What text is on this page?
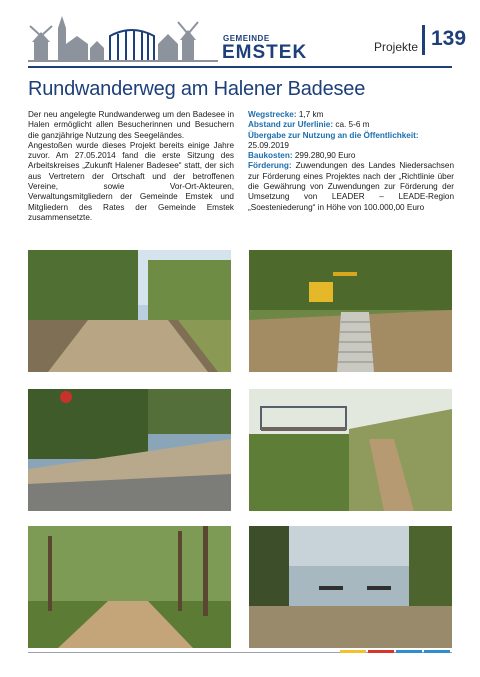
GEMEINDE
EMSTEK	Projekte 139
Rundwanderweg am Halener Badesee

Der neu angelegte Rundwanderweg um den Badesee in Halen ermöglicht allen Besucherinnen und Besuchern die ganzjährige Nutzung des Seegeländes.

Angestoßen wurde dieses Projekt bereits einige Jahre zuvor. Am 27.05.2014 fand die erste Sitzung des Arbeitskreises „Zukunft Halener Badesee“ statt, der sich aus Vertretern der Ortschaft und der betroffenen Vereine, sowie Vor-Ort-Akteuren, Verwaltungsmitgliedern der Gemeinde Emstek und Mitgliedern des Rates der Gemeinde Emstek zusammensetzte.

Wegstrecke: 1,7 km

Abstand zur Uferlinie: ca. 5-6 m

Übergabe zur Nutzung an die Öffentlichkeit:

25.09.2019

Baukosten: 299.280,90 Euro

Förderung: Zuwendungen des Landes Niedersachsen zur Förderung eines Projektes nach der „Richtlinie über die Gewährung von Zuwendungen zur Förderung der Umsetzung von LEADER – LEADE-Region „Soesteniederung“ in Höhe von 100.000,00 Euro
